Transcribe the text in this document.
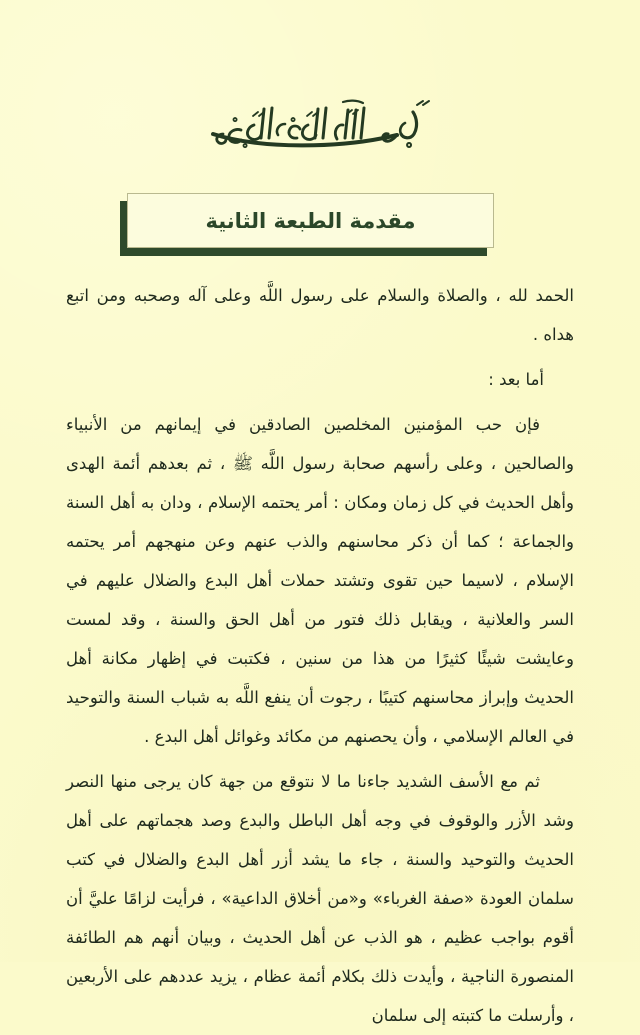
مقدمة الطبعة الثانية

الحمد لله ، والصلاة والسلام على رسول اللَّه وعلى آله وصحبه ومن اتبع هداه .

أما بعد :

فإن حب المؤمنين المخلصين الصادقين في إيمانهم من الأنبياء والصالحين ، وعلى رأسهم صحابة رسول اللَّه ﷺ ، ثم بعدهم أئمة الهدى وأهل الحديث في كل زمان ومكان : أمر يحتمه الإسلام ، ودان به أهل السنة والجماعة ؛ كما أن ذكر محاسنهم والذب عنهم وعن منهجهم أمر يحتمه الإسلام ، لاسيما حين تقوى وتشتد حملات أهل البدع والضلال عليهم في السر والعلانية ، ويقابل ذلك فتور من أهل الحق والسنة ، وقد لمست وعايشت شيئًا كثيرًا من هذا من سنين ، فكتبت في إظهار مكانة أهل الحديث وإبراز محاسنهم كتيبًا ، رجوت أن ينفع اللَّه به شباب السنة والتوحيد في العالم الإسلامي ، وأن يحصنهم من مكائد وغوائل أهل البدع .

ثم مع الأسف الشديد جاءنا ما لا نتوقع من جهة كان يرجى منها النصر وشد الأزر والوقوف في وجه أهل الباطل والبدع وصد هجماتهم على أهل الحديث والتوحيد والسنة ، جاء ما يشد أزر أهل البدع والضلال في كتب سلمان العودة «صفة الغرباء» و«من أخلاق الداعية» ، فرأيت لزامًا عليَّ أن أقوم بواجب عظيم ، هو الذب عن أهل الحديث ، وبيان أنهم هم الطائفة المنصورة الناجية ، وأيدت ذلك بكلام أئمة عظام ، يزيد عددهم على الأربعين ، وأرسلت ما كتبته إلى سلمان
